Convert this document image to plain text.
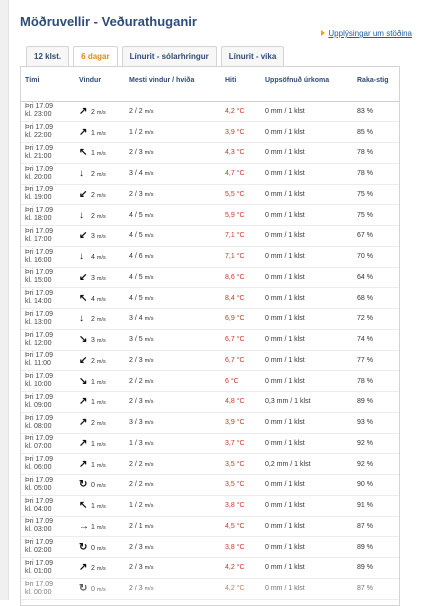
Möðruvellir - Veðurathuganir
Upplýsingar um stöðina
12 klst.	6 dagar	Línurit - sólarhringur	Línurit - vika
Tími	Vindur	Mesti vindur / hviða	Hiti	Uppsöfnuð úrkoma	Raka-stig
Þri 17.09
kl. 23:00	↗ 2 m/s	2 / 2 m/s	4,2 °C	0 mm / 1 klst	83 %
Þri 17.09
kl. 22:00	↗ 1 m/s	1 / 2 m/s	3,9 °C	0 mm / 1 klst	85 %
Þri 17.09
kl. 21:00	↖ 1 m/s	2 / 3 m/s	4,3 °C	0 mm / 1 klst	78 %
Þri 17.09
kl. 20:00	↓ 2 m/s	3 / 4 m/s	4,7 °C	0 mm / 1 klst	78 %
Þri 17.09
kl. 19:00	↙ 2 m/s	2 / 3 m/s	5,5 °C	0 mm / 1 klst	75 %
Þri 17.09
kl. 18:00	↓ 2 m/s	4 / 5 m/s	5,9 °C	0 mm / 1 klst	75 %
Þri 17.09
kl. 17:00	↙ 3 m/s	4 / 5 m/s	7,1 °C	0 mm / 1 klst	67 %
Þri 17.09
kl. 16:00	↓ 4 m/s	4 / 6 m/s	7,1 °C	0 mm / 1 klst	70 %
Þri 17.09
kl. 15:00	↙ 3 m/s	4 / 5 m/s	8,6 °C	0 mm / 1 klst	64 %
Þri 17.09
kl. 14:00	↖ 4 m/s	4 / 5 m/s	8,4 °C	0 mm / 1 klst	68 %
Þri 17.09
kl. 13:00	↓ 2 m/s	3 / 4 m/s	6,9 °C	0 mm / 1 klst	72 %
Þri 17.09
kl. 12:00	↘ 3 m/s	3 / 5 m/s	6,7 °C	0 mm / 1 klst	74 %
Þri 17.09
kl. 11:00	↙ 2 m/s	2 / 3 m/s	6,7 °C	0 mm / 1 klst	77 %
Þri 17.09
kl. 10:00	↘ 1 m/s	2 / 2 m/s	6 °C	0 mm / 1 klst	78 %
Þri 17.09
kl. 09:00	↗ 1 m/s	2 / 3 m/s	4,8 °C	0,3 mm / 1 klst	89 %
Þri 17.09
kl. 08:00	↗ 2 m/s	3 / 3 m/s	3,9 °C	0 mm / 1 klst	93 %
Þri 17.09
kl. 07:00	↗ 1 m/s	1 / 3 m/s	3,7 °C	0 mm / 1 klst	92 %
Þri 17.09
kl. 06:00	↗ 1 m/s	2 / 2 m/s	3,5 °C	0,2 mm / 1 klst	92 %
Þri 17.09
kl. 05:00	↻ 0 m/s	2 / 2 m/s	3,5 °C	0 mm / 1 klst	90 %
Þri 17.09
kl. 04:00	↖ 1 m/s	1 / 2 m/s	3,8 °C	0 mm / 1 klst	91 %
Þri 17.09
kl. 03:00	→ 1 m/s	2 / 1 m/s	4,5 °C	0 mm / 1 klst	87 %
Þri 17.09
kl. 02:00	↻ 0 m/s	2 / 3 m/s	3,8 °C	0 mm / 1 klst	89 %
Þri 17.09
kl. 01:00	↗ 2 m/s	2 / 3 m/s	4,2 °C	0 mm / 1 klst	89 %
Þri 17.09
kl. 00:00	↻ 0 m/s	2 / 3 m/s	4,2 °C	0 mm / 1 klst	87 %
